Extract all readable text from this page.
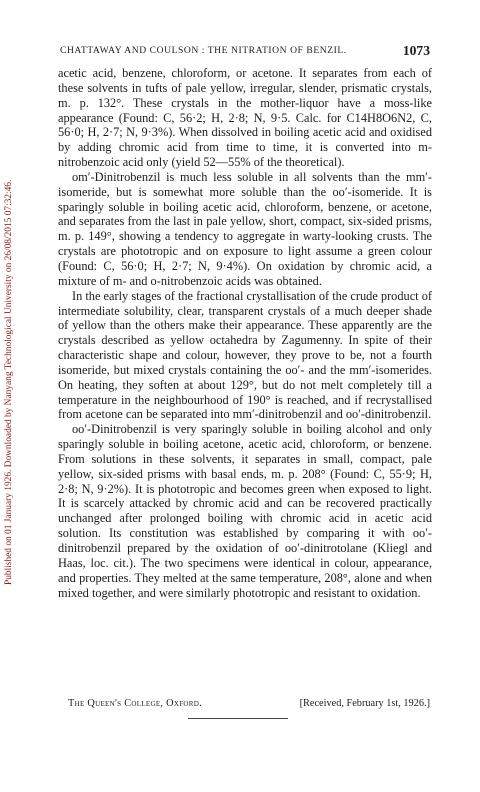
Published on 01 January 1926. Downloaded by Nanyang Technological University on 26/08/2015 07:32:46.
CHATTAWAY AND COULSON : THE NITRATION OF BENZIL.	1073

acetic acid, benzene, chloroform, or acetone. It separates from each of these solvents in tufts of pale yellow, irregular, slender, prismatic crystals, m. p. 132°. These crystals in the mother-liquor have a moss-like appearance (Found: C, 56·2; H, 2·8; N, 9·5. Calc. for C14H8O6N2, C, 56·0; H, 2·7; N, 9·3%). When dissolved in boiling acetic acid and oxidised by adding chromic acid from time to time, it is converted into m-nitrobenzoic acid only (yield 52—55% of the theoretical).

om′-Dinitrobenzil is much less soluble in all solvents than the mm′-isomeride, but is somewhat more soluble than the oo′-isomeride. It is sparingly soluble in boiling acetic acid, chloroform, benzene, or acetone, and separates from the last in pale yellow, short, compact, six-sided prisms, m. p. 149°, showing a tendency to aggregate in warty-looking crusts. The crystals are phototropic and on exposure to light assume a green colour (Found: C, 56·0; H, 2·7; N, 9·4%). On oxidation by chromic acid, a mixture of m- and o-nitrobenzoic acids was obtained.

In the early stages of the fractional crystallisation of the crude product of intermediate solubility, clear, transparent crystals of a much deeper shade of yellow than the others make their appearance. These apparently are the crystals described as yellow octahedra by Zagumenny. In spite of their characteristic shape and colour, however, they prove to be, not a fourth isomeride, but mixed crystals containing the oo′- and the mm′-isomerides. On heating, they soften at about 129°, but do not melt completely till a temperature in the neighbourhood of 190° is reached, and if recrystallised from acetone can be separated into mm′-dinitrobenzil and oo′-dinitrobenzil.

oo′-Dinitrobenzil is very sparingly soluble in boiling alcohol and only sparingly soluble in boiling acetone, acetic acid, chloroform, or benzene. From solutions in these solvents, it separates in small, compact, pale yellow, six-sided prisms with basal ends, m. p. 208° (Found: C, 55·9; H, 2·8; N, 9·2%). It is phototropic and becomes green when exposed to light. It is scarcely attacked by chromic acid and can be recovered practically unchanged after prolonged boiling with chromic acid in acetic acid solution. Its constitution was established by comparing it with oo′-dinitrobenzil prepared by the oxidation of oo′-dinitrotolane (Kliegl and Haas, loc. cit.). The two specimens were identical in colour, appearance, and properties. They melted at the same temperature, 208°, alone and when mixed together, and were similarly phototropic and resistant to oxidation.

The Queen's College, Oxford.	[Received, February 1st, 1926.]
